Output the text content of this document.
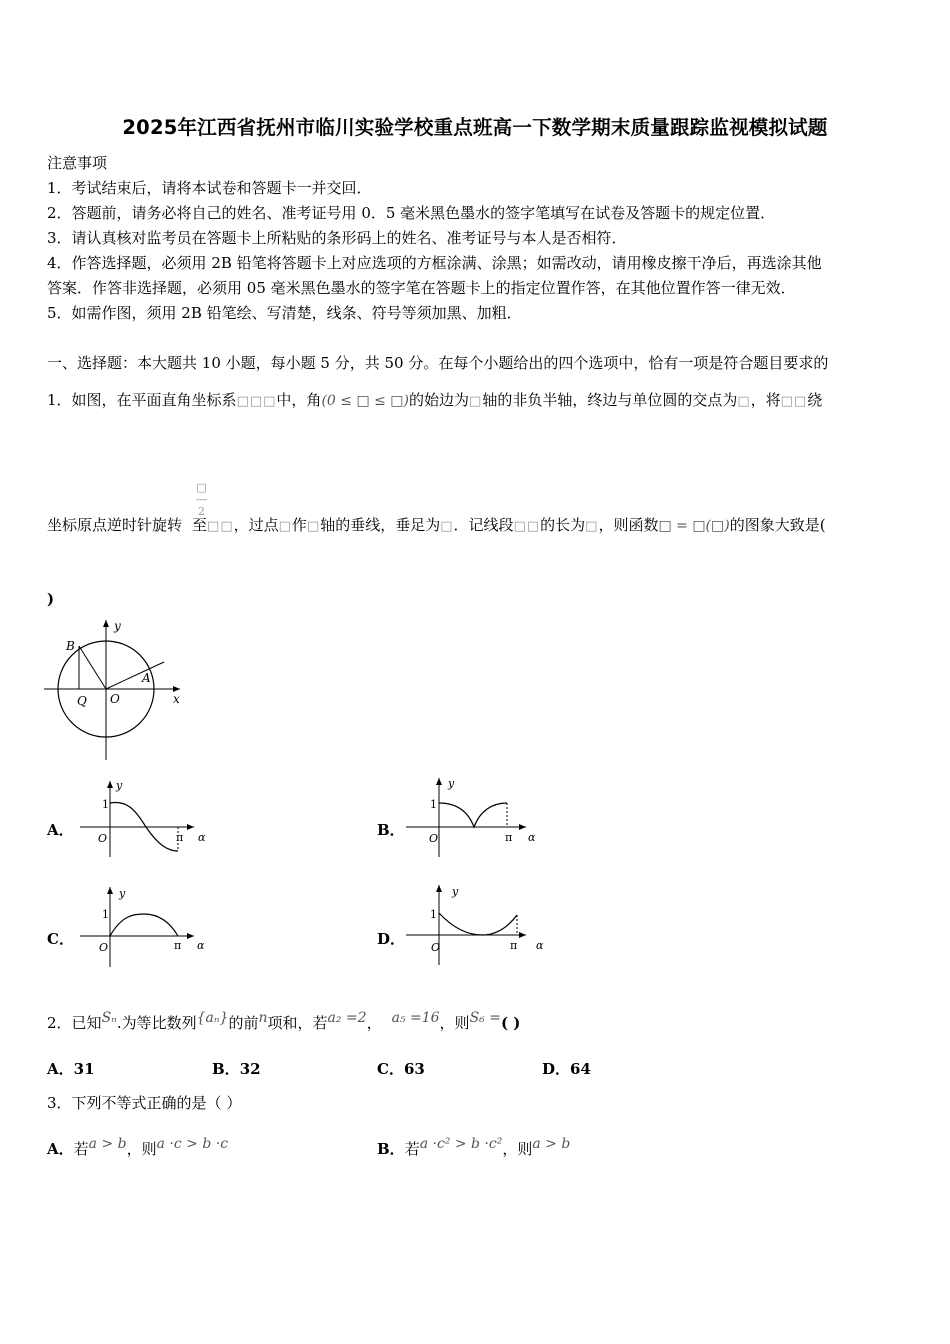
2025年江西省抚州市临川实验学校重点班高一下数学期末质量跟踪监视模拟试题
注意事项
1．考试结束后，请将本试卷和答题卡一并交回．
2．答题前，请务必将自己的姓名、准考证号用 0．5 毫米黑色墨水的签字笔填写在试卷及答题卡的规定位置．
3．请认真核对监考员在答题卡上所粘贴的条形码上的姓名、准考证号与本人是否相符．
4．作答选择题，必须用 2B 铅笔将答题卡上对应选项的方框涂满、涂黑；如需改动，请用橡皮擦干净后，再选涂其他
答案．作答非选择题，必须用 05 毫米黑色墨水的签字笔在答题卡上的指定位置作答，在其他位置作答一律无效．
5．如需作图，须用 2B 铅笔绘、写清楚，线条、符号等须加黑、加粗．
一、选择题：本大题共 10 小题，每小题 5 分，共 50 分。在每个小题给出的四个选项中，恰有一项是符合题目要求的
1．如图，在平面直角坐标系□□□中，角(0 ≤ □ ≤ □)的始边为□轴的非负半轴，终边与单位圆的交点为□，将□□绕
□
―
2
坐标原点逆时针旋转 至□□，过点□作□轴的垂线，垂足为□．记线段□□的长为□，则函数□ = □(□)的图象大致是(
)
B
y
A
Q O	x
A．
1
O	π α
y
B．
1
O	π α
y
C．
1
O	π α
y
D．
1
O	π α
y
2．已知Sₙ.为等比数列{aₙ}的前n项和，若a₂ =2， a₅ =16，则S₆ =( )
A．31	B．32	C．63	D．64
3．下列不等式正确的是（ ）
A．若a > b，则a ·c > b ·c	B．若a ·c² > b ·c²，则a > b
